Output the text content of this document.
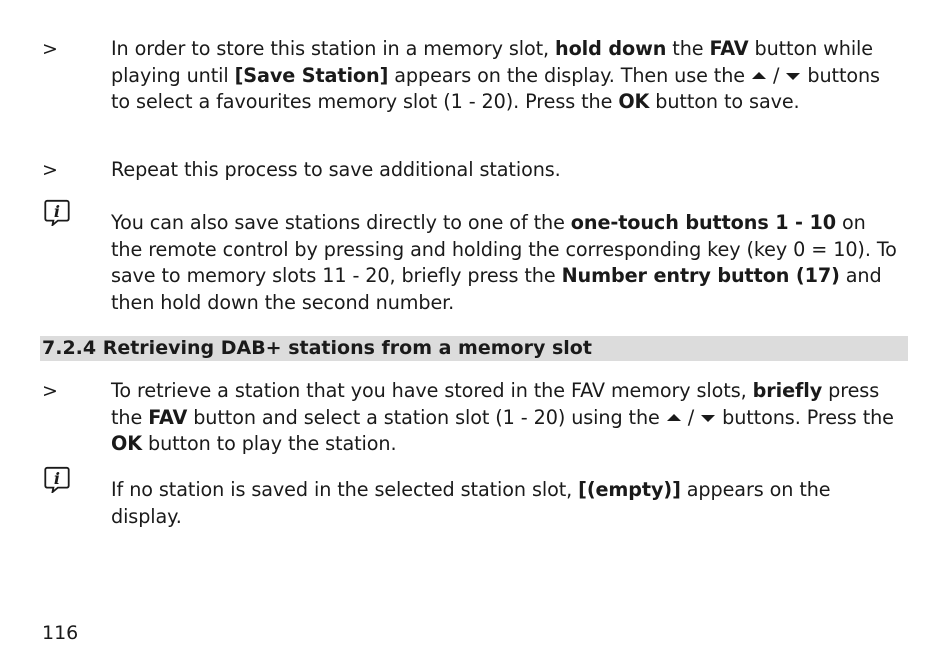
>	In order to store this station in a memory slot, hold down the FAV button while playing until [Save Station] appears on the display. Then use the  /  buttons to select a favourites memory slot (1 - 20). Press the OK button to save.
>	Repeat this process to save additional stations.
i	You can also save stations directly to one of the one-touch buttons 1 - 10 on the remote control by pressing and holding the corresponding key (key 0 = 10). To save to memory slots 11 - 20, briefly press the Number entry button (17) and then hold down the second number.
7.2.4 Retrieving DAB+ stations from a memory slot
>	To retrieve a station that you have stored in the FAV memory slots, briefly press the FAV button and select a station slot (1 - 20) using the  /  buttons. Press the OK button to play the station.
i	If no station is saved in the selected station slot, [(empty)] appears on the display.
116
